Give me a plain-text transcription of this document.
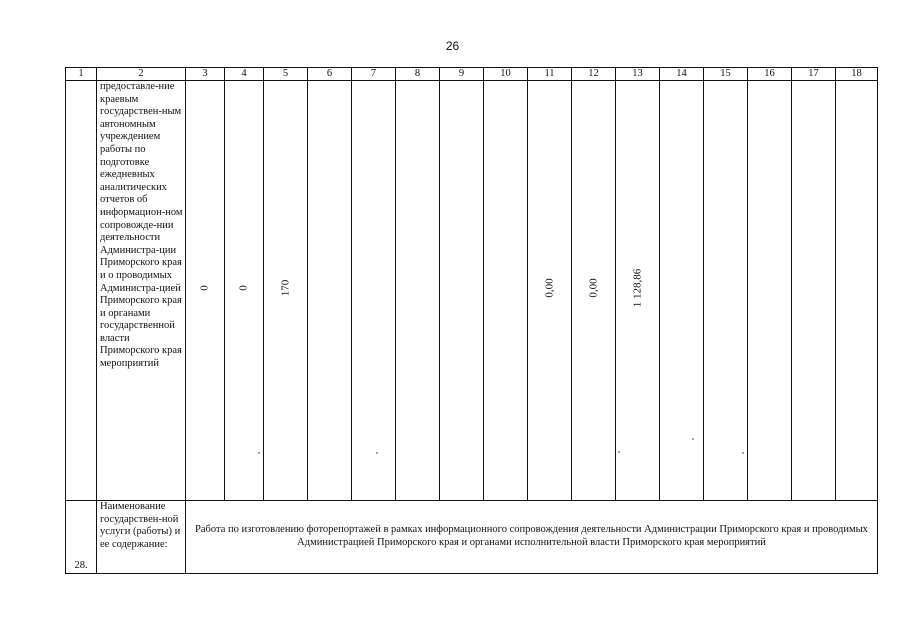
26
1	2	3	4	5	6	7	8	9	10	11	12	13	14	15	16	17	18

	предоставле-ние краевым государствен-ным автономным учреждением работы по подготовке ежедневных аналитических отчетов об информацион-ном сопровожде-нии деятельности Администра-ции Приморского края и о проводимых Администра-цией Приморского края и органами государственной власти Приморского края мероприятий	0	0	170						0,00	0,00	1 128,86					

28.	Наименование государствен-ной услуги (работы) и ее содержание:	Работа по изготовлению фоторепортажей в рамках информационного сопровождения деятельности Администрации Приморского края и проводимых Администрацией Приморского края и органами исполнительной власти Приморского края мероприятий															
